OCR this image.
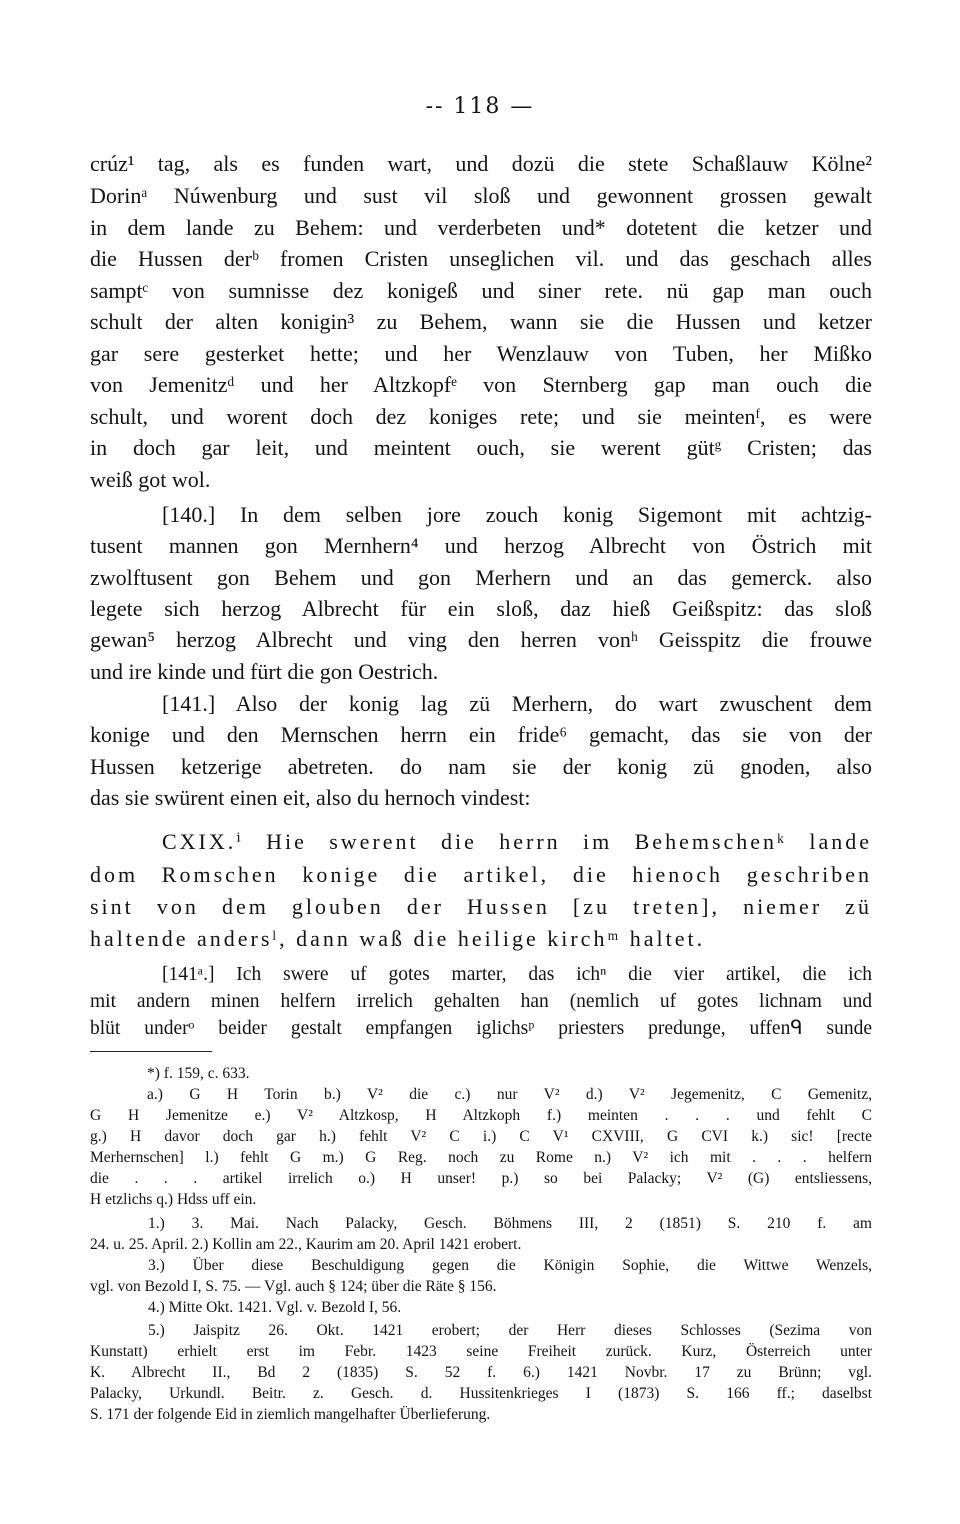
-- 118 —
crúz¹ tag, als es funden wart, und dozü die stete Schaßlauw Kölne²
Dorinᵃ Núwenburg und sust vil sloß und gewonnent grossen gewalt
in dem lande zu Behem: und verderbeten und* dotetent die ketzer und
die Hussen derᵇ fromen Cristen unseglichen vil. und das geschach alles
samptᶜ von sumnisse dez konigeß und siner rete. nü gap man ouch
schult der alten konigin³ zu Behem, wann sie die Hussen und ketzer
gar sere gesterket hette; und her Wenzlauw von Tuben, her Mißko
von Jemenitzᵈ und her Altzkopfᵉ von Sternberg gap man ouch die
schult, und worent doch dez koniges rete; und sie meintenᶠ, es were
in doch gar leit, und meintent ouch, sie werent gütᵍ Cristen; das
weiß got wol.
[140.] In dem selben jore zouch konig Sigemont mit achtzig-
tusent mannen gon Mernhern⁴ und herzog Albrecht von Östrich mit
zwolftusent gon Behem und gon Merhern und an das gemerck. also
legete sich herzog Albrecht für ein sloß, daz hieß Geißspitz: das sloß
gewan⁵ herzog Albrecht und ving den herren vonʰ Geisspitz die frouwe
und ire kinde und fürt die gon Oestrich.
[141.] Also der konig lag zü Merhern, do wart zwuschent dem
konige und den Mernschen herrn ein fride⁶ gemacht, das sie von der
Hussen ketzerige abetreten. do nam sie der konig zü gnoden, also
das sie swürent einen eit, also du hernoch vindest:
CXIX.ⁱ Hie swerent die herrn im Behemschenᵏ lande
dom Romschen konige die artikel, die hienoch geschriben
sint von dem glouben der Hussen [zu treten], niemer zü
haltende andersˡ, dann waß die heilige kirchᵐ haltet.
[141ᵃ.] Ich swere uf gotes marter, das ichⁿ die vier artikel, die ich
mit andern minen helfern irrelich gehalten han (nemlich uf gotes lichnam und
blüt underᵒ beider gestalt empfangen iglichsᵖ priesters predunge, uffenᑫ sunde
*) f. 159, c. 633.
a.) G H Torin b.) V² die c.) nur V² d.) V² Jegemenitz, C Gemenitz,
G H Jemenitze e.) V² Altzkosp, H Altzkoph f.) meinten . . . und fehlt C
g.) H davor doch gar h.) fehlt V² C i.) C V¹ CXVIII, G CVI k.) sic! [recte
Merhernschen] l.) fehlt G m.) G Reg. noch zu Rome n.) V² ich mit . . . helfern
die . . . artikel irrelich o.) H unser! p.) so bei Palacky; V² (G) entsliessens,
H etzlichs q.) Hdss uff ein.
1.) 3. Mai. Nach Palacky, Gesch. Böhmens III, 2 (1851) S. 210 f. am
24. u. 25. April. 2.) Kollin am 22., Kaurim am 20. April 1421 erobert.
3.) Über diese Beschuldigung gegen die Königin Sophie, die Wittwe Wenzels,
vgl. von Bezold I, S. 75. — Vgl. auch § 124; über die Räte § 156.
4.) Mitte Okt. 1421. Vgl. v. Bezold I, 56.
5.) Jaispitz 26. Okt. 1421 erobert; der Herr dieses Schlosses (Sezima von
Kunstatt) erhielt erst im Febr. 1423 seine Freiheit zurück. Kurz, Österreich unter
K. Albrecht II., Bd 2 (1835) S. 52 f. 6.) 1421 Novbr. 17 zu Brünn; vgl.
Palacky, Urkundl. Beitr. z. Gesch. d. Hussitenkrieges I (1873) S. 166 ff.; daselbst
S. 171 der folgende Eid in ziemlich mangelhafter Überlieferung.
